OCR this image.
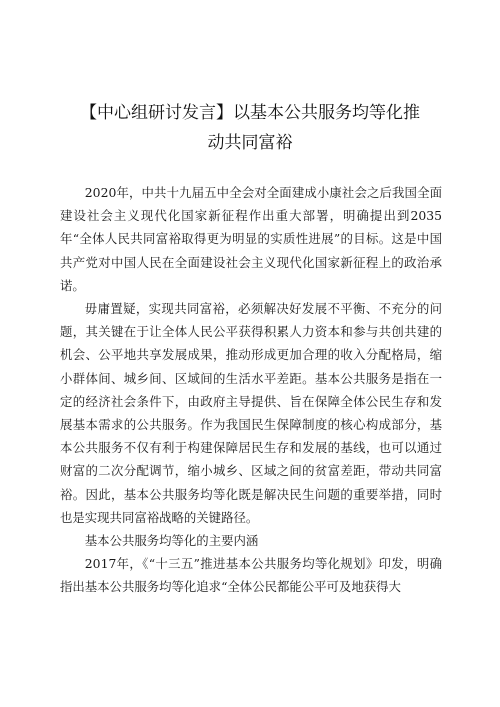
【中心组研讨发言】以基本公共服务均等化推
动共同富裕

2020年，中共十九届五中全会对全面建成小康社会之后我国全面建设社会主义现代化国家新征程作出重大部署，明确提出到2035年“全体人民共同富裕取得更为明显的实质性进展”的目标。这是中国共产党对中国人民在全面建设社会主义现代化国家新征程上的政治承诺。

毋庸置疑，实现共同富裕，必须解决好发展不平衡、不充分的问题，其关键在于让全体人民公平获得积累人力资本和参与共创共建的机会、公平地共享发展成果，推动形成更加合理的收入分配格局，缩小群体间、城乡间、区域间的生活水平差距。基本公共服务是指在一定的经济社会条件下，由政府主导提供、旨在保障全体公民生存和发展基本需求的公共服务。作为我国民生保障制度的核心构成部分，基本公共服务不仅有利于构建保障居民生存和发展的基线，也可以通过财富的二次分配调节，缩小城乡、区域之间的贫富差距，带动共同富裕。因此，基本公共服务均等化既是解决民生问题的重要举措，同时也是实现共同富裕战略的关键路径。

基本公共服务均等化的主要内涵

2017年，《“十三五”推进基本公共服务均等化规划》印发，明确指出基本公共服务均等化追求“全体公民都能公平可及地获得大
